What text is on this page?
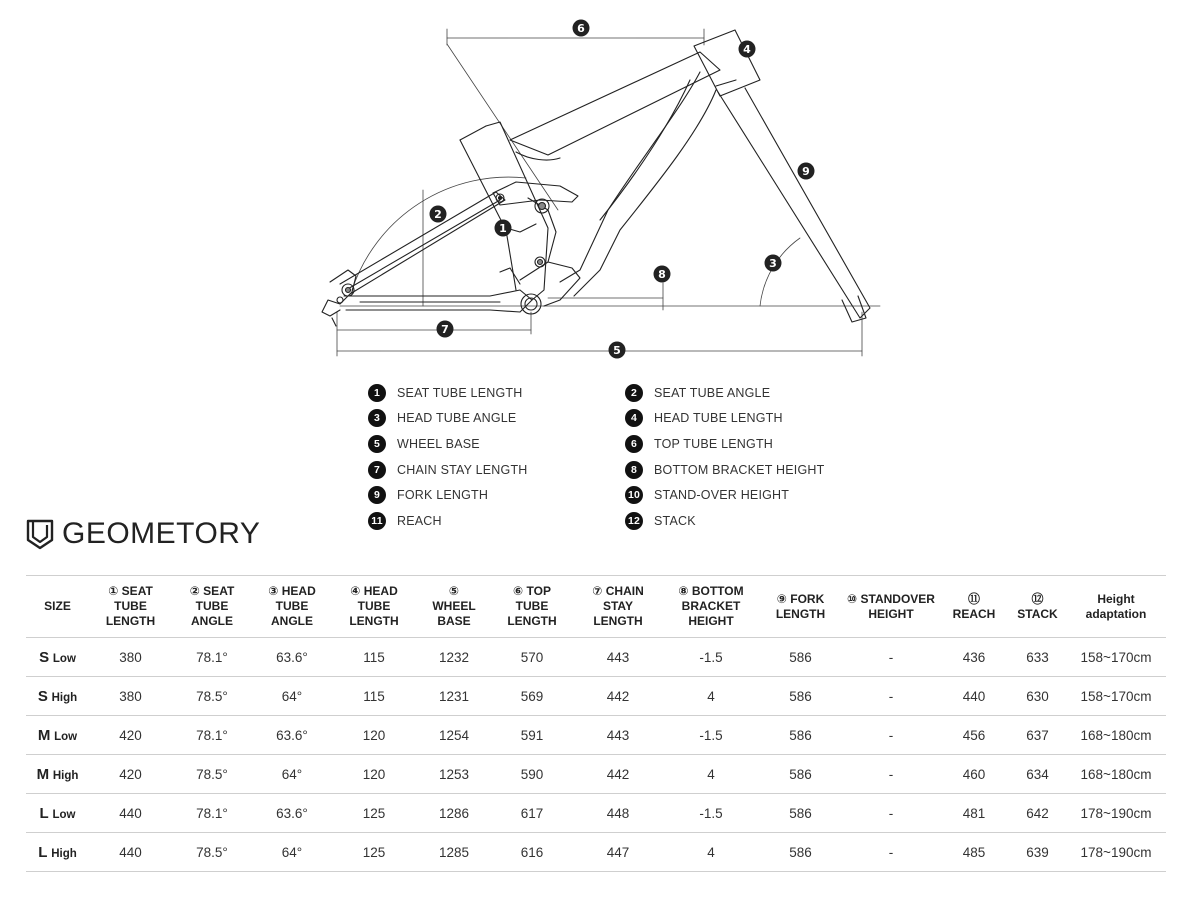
6
4
9
2
1
8
3
7
5
1	SEAT TUBE LENGTH	2	SEAT TUBE ANGLE
3	HEAD TUBE ANGLE	4	HEAD TUBE LENGTH
5	WHEEL BASE	6	TOP TUBE LENGTH
7	CHAIN STAY LENGTH	8	BOTTOM BRACKET HEIGHT
9	FORK LENGTH	10 STAND-OVER HEIGHT
11 REACH	12 STACK
GEOMETORY
SIZE	① SEAT
TUBE
LENGTH	② SEAT
TUBE
ANGLE	③ HEAD
TUBE
ANGLE	④ HEAD
TUBE
LENGTH	⑤
WHEEL
BASE	⑥ TOP
TUBE
LENGTH	⑦ CHAIN
STAY
LENGTH	⑧ BOTTOM
BRACKET
HEIGHT	⑨ FORK
LENGTH	⑩ STANDOVER
HEIGHT	⑪
REACH	⑫
STACK	Height
adaptation

S Low	380	78.1°	63.6°	115	1232	570	443	-1.5	586	-	436	633	158~170cm
S High	380	78.5°	64°	115	1231	569	442	4	586	-	440	630	158~170cm
M Low	420	78.1°	63.6°	120	1254	591	443	-1.5	586	-	456	637	168~180cm
M High	420	78.5°	64°	120	1253	590	442	4	586	-	460	634	168~180cm
L Low	440	78.1°	63.6°	125	1286	617	448	-1.5	586	-	481	642	178~190cm
L High	440	78.5°	64°	125	1285	616	447	4	586	-	485	639	178~190cm
